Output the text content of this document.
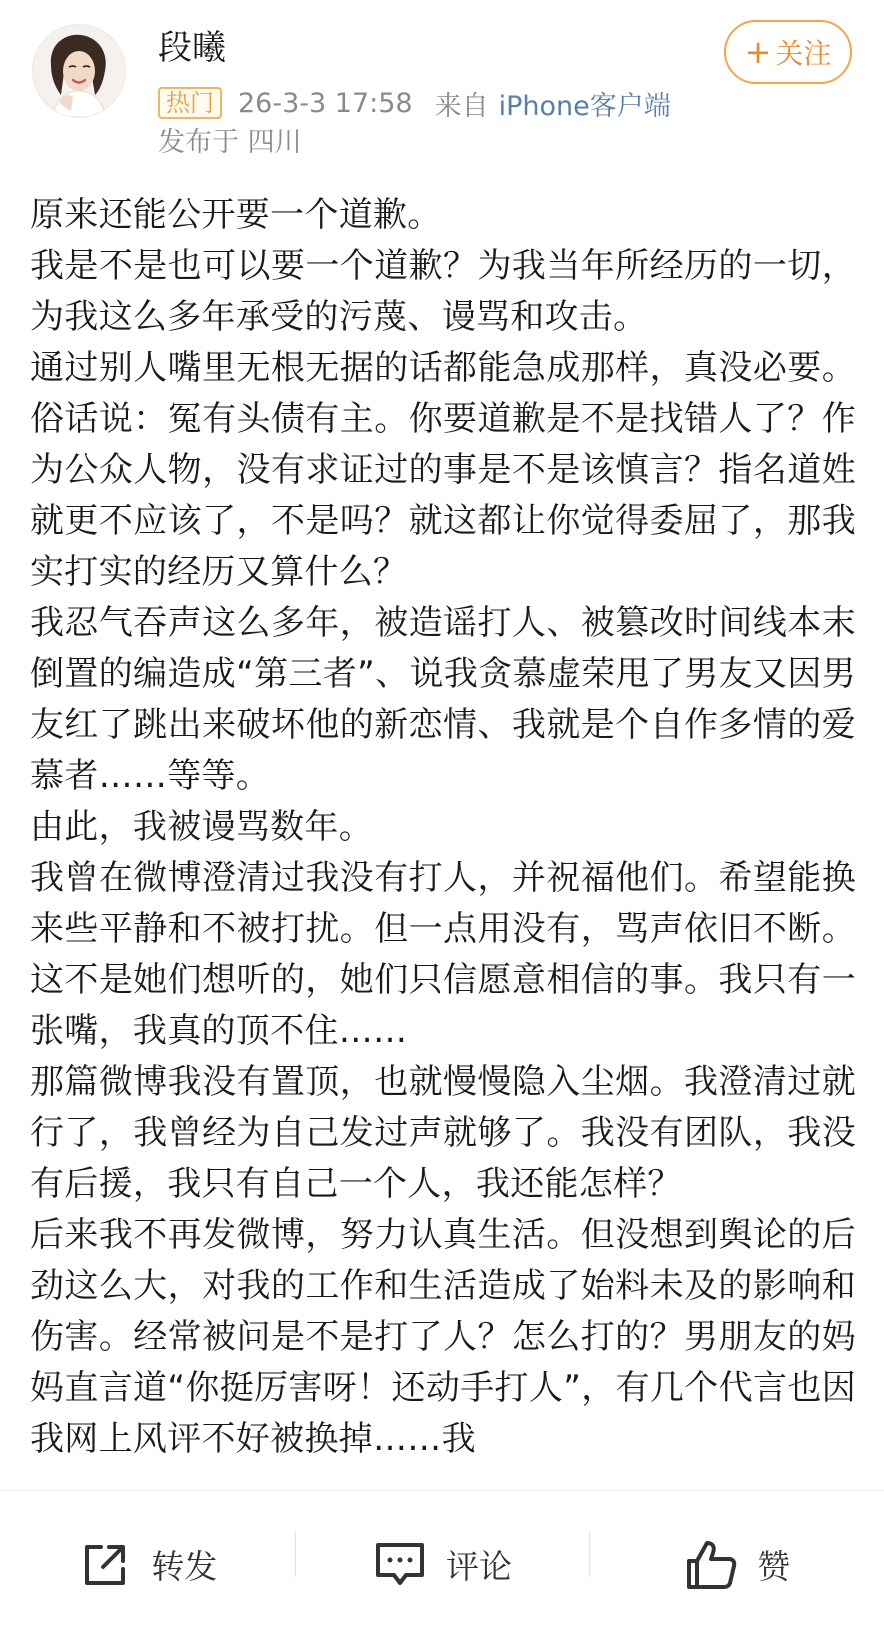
段曦
热门 26-3-3 17:58 来自 iPhone客户端
发布于 四川
+ 关注

原来还能公开要一个道歉。

我是不是也可以要一个道歉？为我当年所经历的一切，为我这么多年承受的污蔑、谩骂和攻击。

通过别人嘴里无根无据的话都能急成那样，真没必要。俗话说：冤有头债有主。你要道歉是不是找错人了？作为公众人物，没有求证过的事是不是该慎言？指名道姓就更不应该了，不是吗？就这都让你觉得委屈了，那我实打实的经历又算什么？

我忍气吞声这么多年，被造谣打人、被篡改时间线本末倒置的编造成“第三者”、说我贪慕虚荣甩了男友又因男友红了跳出来破坏他的新恋情、我就是个自作多情的爱慕者……等等。

由此，我被谩骂数年。

我曾在微博澄清过我没有打人，并祝福他们。希望能换来些平静和不被打扰。但一点用没有，骂声依旧不断。这不是她们想听的，她们只信愿意相信的事。我只有一张嘴，我真的顶不住……

那篇微博我没有置顶，也就慢慢隐入尘烟。我澄清过就行了，我曾经为自己发过声就够了。我没有团队，我没有后援，我只有自己一个人，我还能怎样？

后来我不再发微博，努力认真生活。但没想到舆论的后劲这么大，对我的工作和生活造成了始料未及的影响和伤害。经常被问是不是打了人？怎么打的？男朋友的妈妈直言道“你挺厉害呀！还动手打人”，有几个代言也因我网上风评不好被换掉……我

转发	评论	赞
